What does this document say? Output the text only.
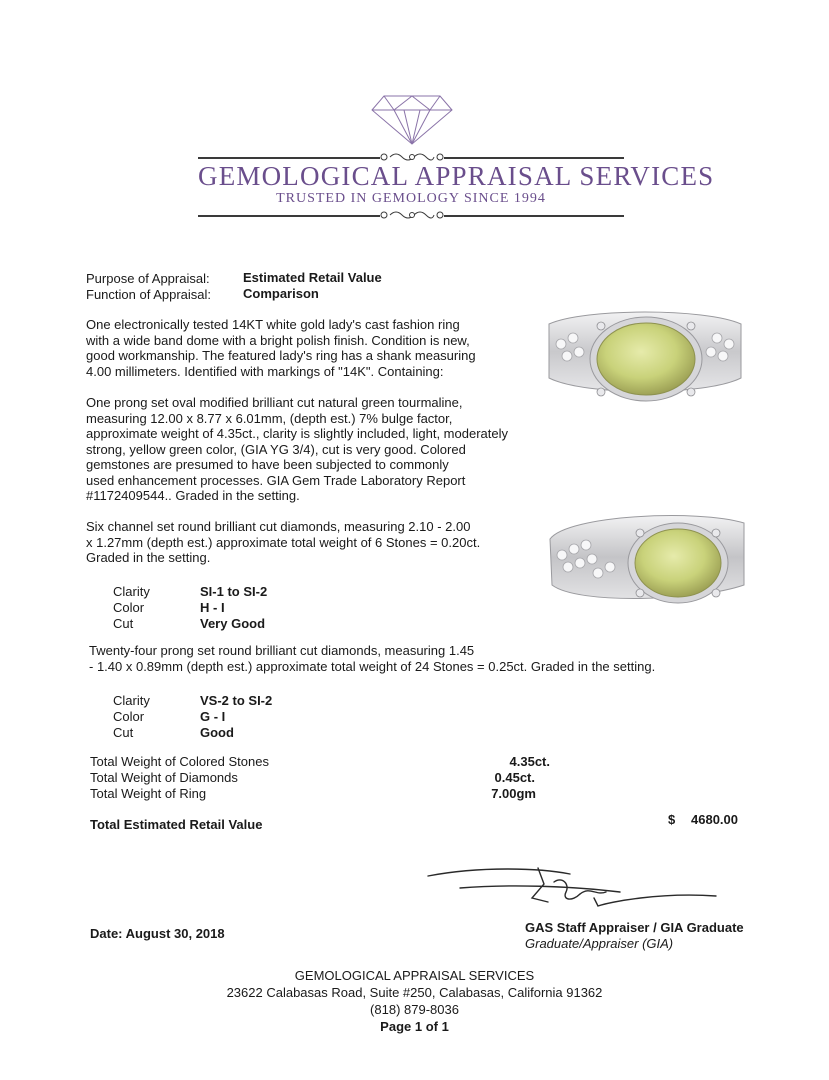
GEMOLOGICAL APPRAISAL SERVICES
TRUSTED IN GEMOLOGY SINCE 1994
Purpose of Appraisal:	Estimated Retail Value
Function of Appraisal: Comparison
One electronically tested 14KT white gold lady's cast fashion ring
with a wide band dome with a bright polish finish. Condition is new,
good workmanship. The featured lady's ring has a shank measuring
4.00 millimeters. Identified with markings of "14K". Containing:
One prong set oval modified brilliant cut natural green tourmaline,
measuring 12.00 x 8.77 x 6.01mm, (depth est.) 7% bulge factor,
approximate weight of 4.35ct., clarity is slightly included, light, moderately
strong, yellow green color, (GIA YG 3/4), cut is very good. Colored
gemstones are presumed to have been subjected to commonly
used enhancement processes. GIA Gem Trade Laboratory Report
#1172409544.. Graded in the setting.
Six channel set round brilliant cut diamonds, measuring 2.10 - 2.00
x 1.27mm (depth est.) approximate total weight of 6 Stones = 0.20ct.
Graded in the setting.
Clarity	SI-1 to SI-2
Color	H - I
Cut	Very Good
Twenty-four prong set round brilliant cut diamonds, measuring 1.45
- 1.40 x 0.89mm (depth est.) approximate total weight of 24 Stones = 0.25ct. Graded in the setting.
Clarity	VS-2 to SI-2
Color	G - I
Cut	Good
Total Weight of Colored Stones	4.35ct.
Total Weight of Diamonds	0.45ct.
Total Weight of Ring	7.00gm
Total Estimated Retail Value	$ 4680.00
Date: August 30, 2018	GAS Staff Appraiser / GIA Graduate
Graduate/Appraiser (GIA)
GEMOLOGICAL APPRAISAL SERVICES
23622 Calabasas Road, Suite #250, Calabasas, California 91362
(818) 879-8036
Page 1 of 1
